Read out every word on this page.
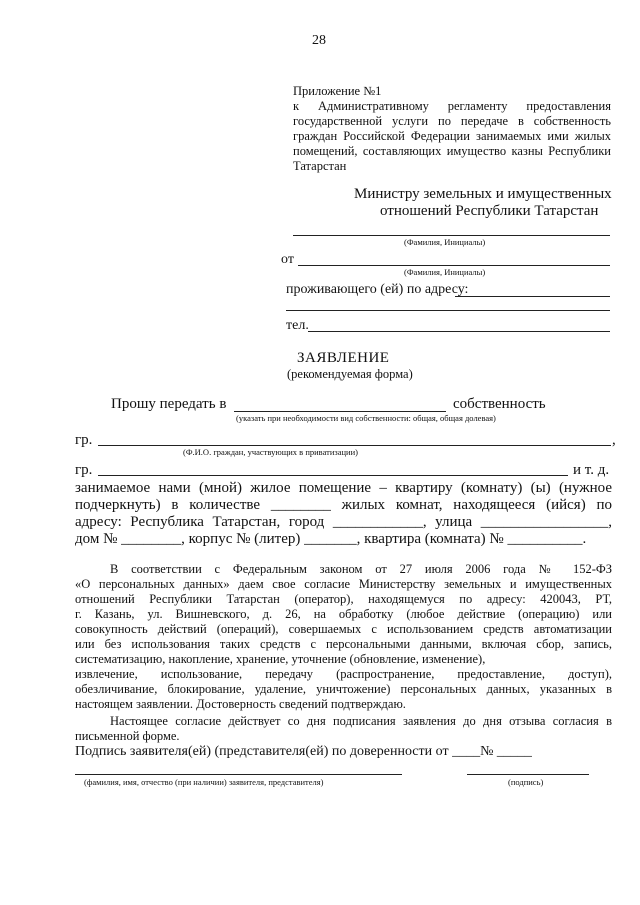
28
Приложение №1
к Административному регламенту предоставления
государственной услуги по передаче в собственность
граждан Российской Федерации занимаемых ими жилых
помещений, составляющих имущество казны Республики
Татарстан
Министру земельных и имущественных
отношений Республики Татарстан
(Фамилия, Инициалы)
от
(Фамилия, Инициалы)
проживающего (ей) по адресу:
тел.
ЗАЯВЛЕНИЕ
(рекомендуемая форма)
Прошу передать в	собственность
(указать при необходимости вид собственности: общая, общая долевая)
гр.	,
(Ф.И.О. граждан, участвующих в приватизации)
гр.	и т. д.
занимаемое нами (мной) жилое помещение – квартиру (комнату) (ы) (нужное
подчеркнуть) в количестве ________ жилых комнат, находящееся (ийся) по
адресу: Республика Татарстан, город ____________, улица _________________,
дом № ________, корпус № (литер) _______, квартира (комната) № __________.
В соответствии с Федеральным законом от 27 июля 2006 года № 152-ФЗ
«О персональных данных» даем свое согласие Министерству земельных и имущественных
отношений Республики Татарстан (оператор), находящемуся по адресу: 420043, РТ,
г. Казань, ул. Вишневского, д. 26, на обработку (любое действие (операцию) или
совокупность действий (операций), совершаемых с использованием средств автоматизации
или без использования таких средств с персональными данными, включая сбор, запись,
систематизацию, накопление, хранение, уточнение (обновление, изменение),
извлечение, использование, передачу (распространение, предоставление, доступ),
обезличивание, блокирование, удаление, уничтожение) персональных данных, указанных в
настоящем заявлении. Достоверность сведений подтверждаю.
Настоящее согласие действует со дня подписания заявления до дня отзыва согласия в
письменной форме.
Подпись заявителя(ей) (представителя(ей) по доверенности от ____№ _____
(фамилия, имя, отчество (при наличии) заявителя, представителя)	(подпись)
